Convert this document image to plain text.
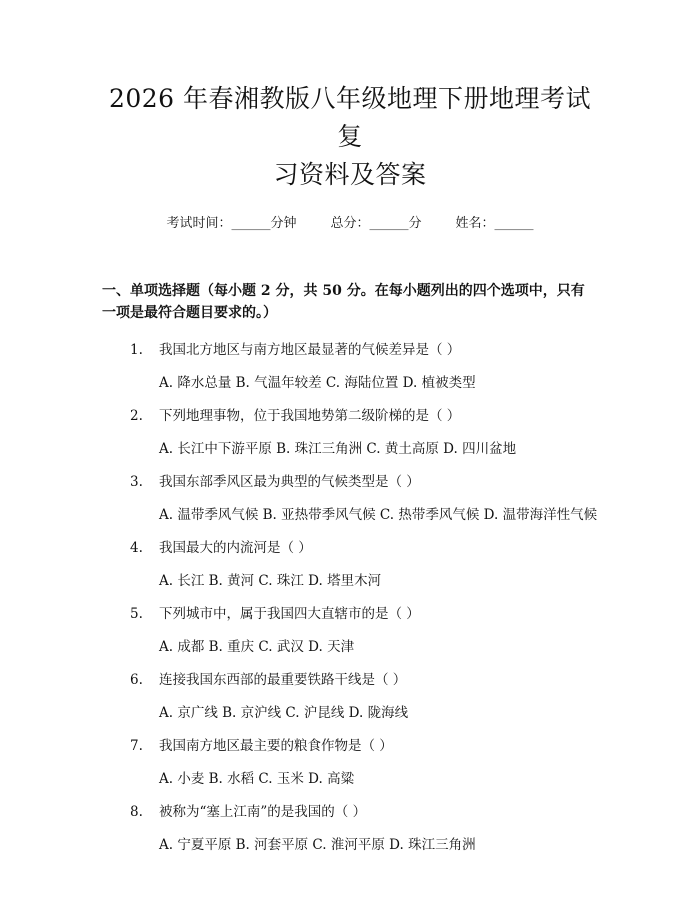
2026 年春湘教版八年级地理下册地理考试复
习资料及答案
考试时间：______分钟	总分：______分	姓名：______
一、单项选择题（每小题 2 分，共 50 分。在每小题列出的四个选项中，只有一项是最符合题目要求的。）
1.	我国北方地区与南方地区最显著的气候差异是（ ）
A. 降水总量 B. 气温年较差 C. 海陆位置 D. 植被类型
2.	下列地理事物，位于我国地势第二级阶梯的是（ ）
A. 长江中下游平原 B. 珠江三角洲 C. 黄土高原 D. 四川盆地
3.	我国东部季风区最为典型的气候类型是（ ）
A. 温带季风气候 B. 亚热带季风气候 C. 热带季风气候 D. 温带海洋性气候
4.	我国最大的内流河是（ ）
A. 长江 B. 黄河 C. 珠江 D. 塔里木河
5.	下列城市中，属于我国四大直辖市的是（ ）
A. 成都 B. 重庆 C. 武汉 D. 天津
6.	连接我国东西部的最重要铁路干线是（ ）
A. 京广线 B. 京沪线 C. 沪昆线 D. 陇海线
7.	我国南方地区最主要的粮食作物是（ ）
A. 小麦 B. 水稻 C. 玉米 D. 高粱
8.	被称为“塞上江南”的是我国的（ ）
A. 宁夏平原 B. 河套平原 C. 淮河平原 D. 珠江三角洲
